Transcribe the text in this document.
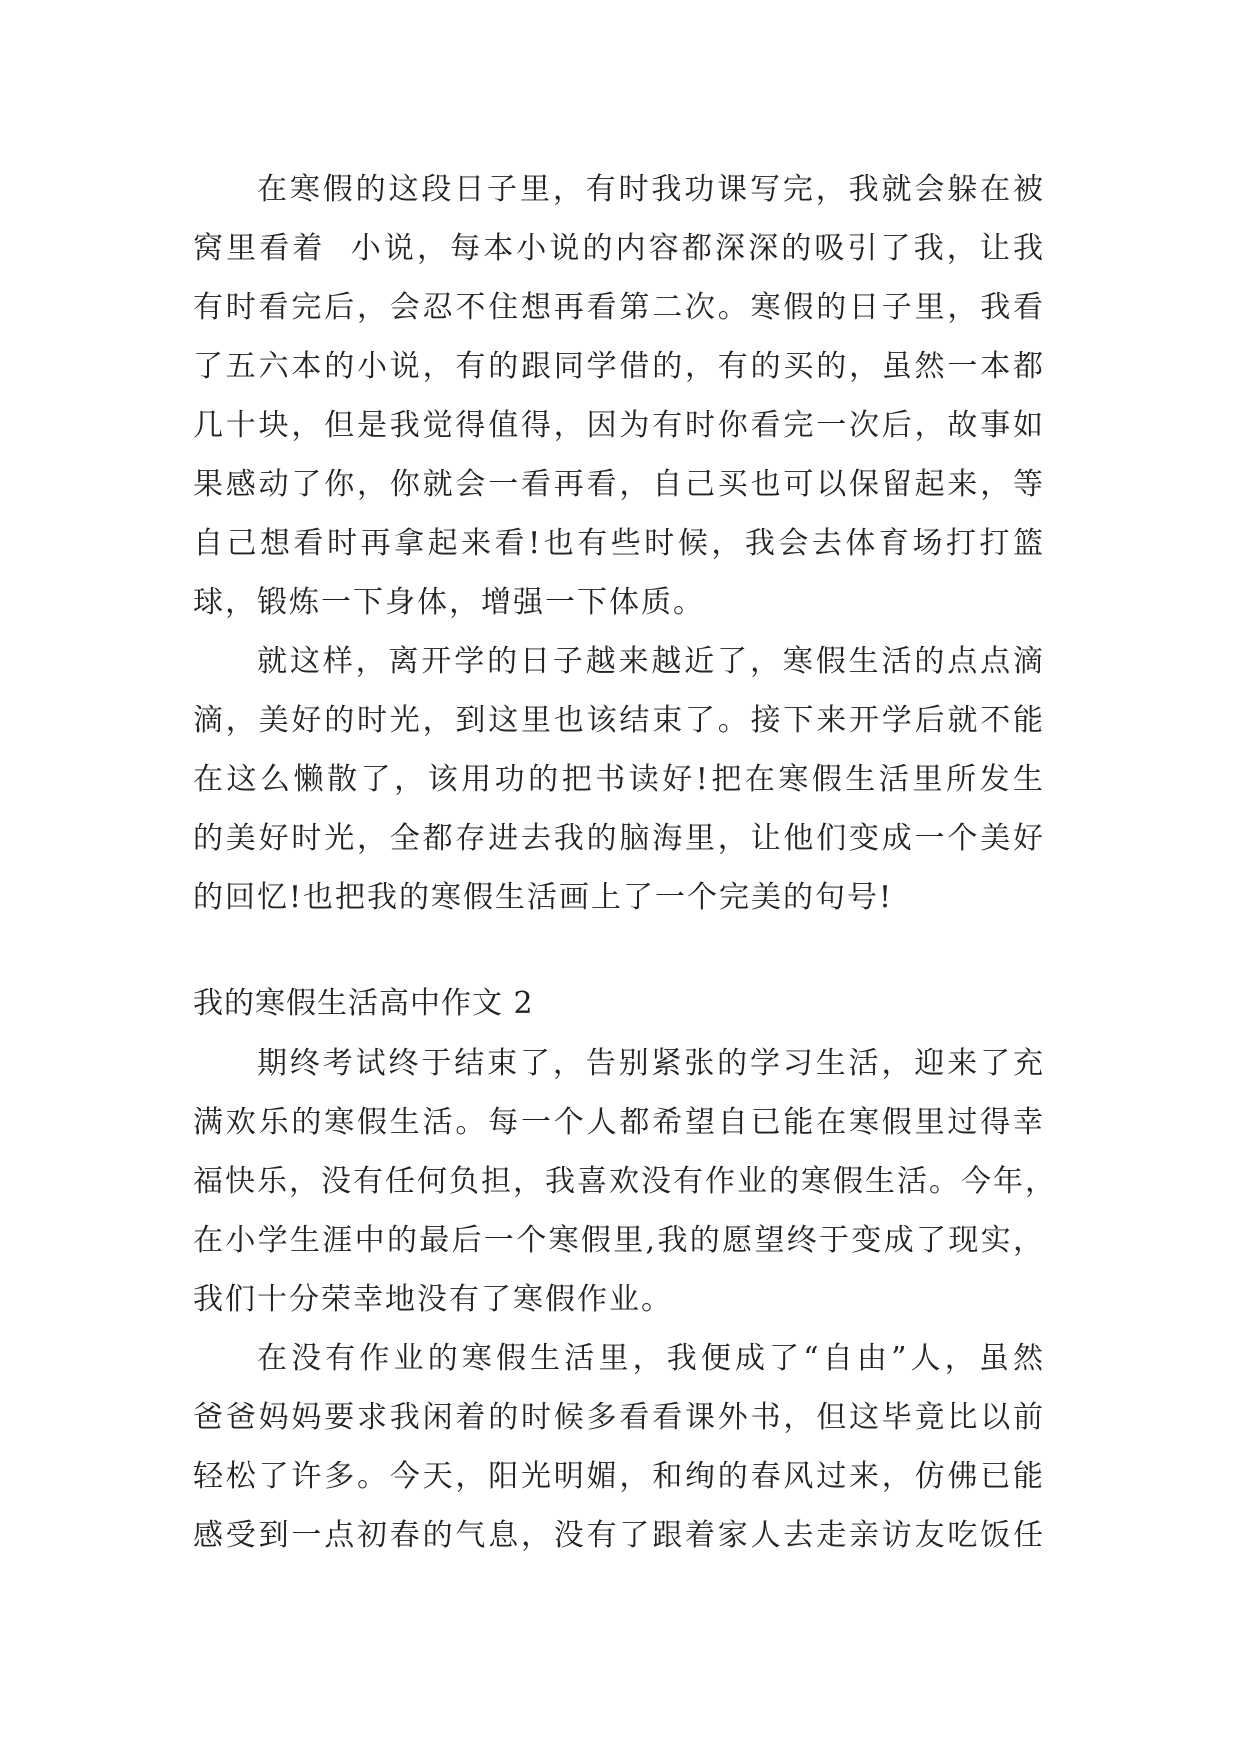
在寒假的这段日子里，有时我功课写完，我就会躲在被
窝里看着  小说，每本小说的内容都深深的吸引了我，让我
有时看完后，会忍不住想再看第二次。寒假的日子里，我看
了五六本的小说，有的跟同学借的，有的买的，虽然一本都
几十块，但是我觉得值得，因为有时你看完一次后，故事如
果感动了你，你就会一看再看，自己买也可以保留起来，等
自己想看时再拿起来看!也有些时候，我会去体育场打打篮
球，锻炼一下身体，增强一下体质。
就这样，离开学的日子越来越近了，寒假生活的点点滴
滴，美好的时光，到这里也该结束了。接下来开学后就不能
在这么懒散了，该用功的把书读好!把在寒假生活里所发生
的美好时光，全都存进去我的脑海里，让他们变成一个美好
的回忆!也把我的寒假生活画上了一个完美的句号!
我的寒假生活高中作文 2
期终考试终于结束了，告别紧张的学习生活，迎来了充
满欢乐的寒假生活。每一个人都希望自已能在寒假里过得幸
福快乐，没有任何负担，我喜欢没有作业的寒假生活。今年，
在小学生涯中的最后一个寒假里,我的愿望终于变成了现实，
我们十分荣幸地没有了寒假作业。
在没有作业的寒假生活里，我便成了“自由”人，虽然
爸爸妈妈要求我闲着的时候多看看课外书，但这毕竟比以前
轻松了许多。今天，阳光明媚，和绚的春风过来，仿佛已能
感受到一点初春的气息，没有了跟着家人去走亲访友吃饭任
